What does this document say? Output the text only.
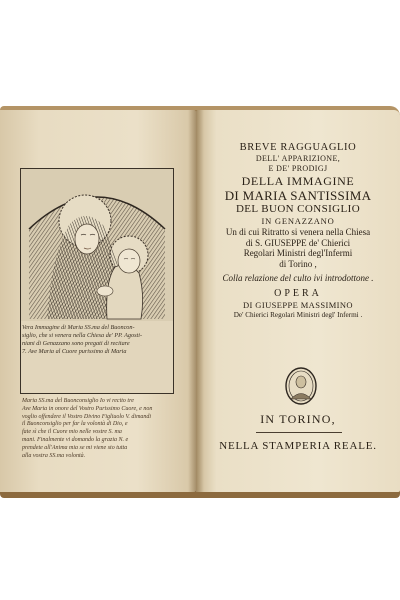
Vera Immagine di Maria SS.ma del Buoncon-
siglio, che si venera nella Chiesa de' PP. Agosti-
niani di Genazzano sono pregati di recitare
7. Ave Maria al Cuore purissimo di Maria
Maria SS.ma del Buonconsiglio Io vi recito tre
Ave Maria in onore del Vostro Purissimo Cuore, e non
voglio offendere il Vostro Divino Figliuolo V. dimandi
il Buonconsiglio per far la volontà di Dio, e
fate sì che il Cuore mio nelle vostre S. ma
mani. Finalmente vi domando la grazia N. e
prendete all'Anima mia se mi viene sto tutta
alla vostra SS.ma volontà.
BREVE RAGGUAGLIO
DELL' APPARIZIONE,
E DE' PRODIGJ
DELLA IMMAGINE
DI MARIA SANTISSIMA
DEL BUON CONSIGLIO
IN GENAZZANO
Un di cui Ritratto si venera nella Chiesa
di S. GIUSEPPE de' Chierici
Regolari Ministri degl'Infermi
di Torino ,
Colla relazione del culto ivi introdottone .
OPERA
DI GIUSEPPE MASSIMINO
De' Chierici Regolari Ministri degl' Infermi .
IN TORINO,
NELLA STAMPERIA REALE.
